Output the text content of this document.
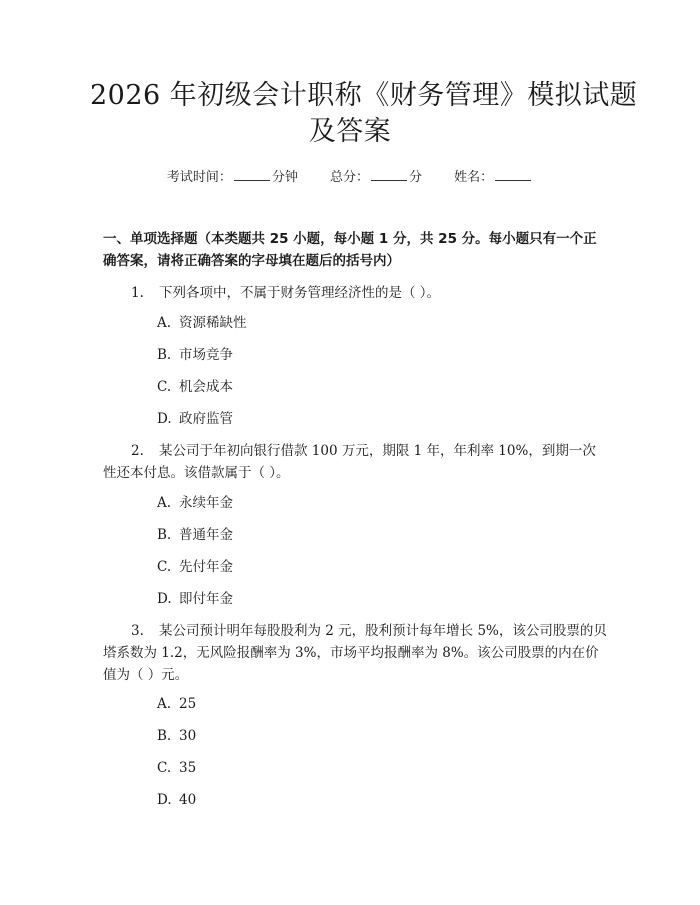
2026 年初级会计职称《财务管理》模拟试题
及答案
考试时间：	分钟 总分：	分 姓名：
一、单项选择题（本类题共 25 小题，每小题 1 分，共 25 分。每小题只有一个正确答案，请将正确答案的字母填在题后的括号内）
1. 下列各项中，不属于财务管理经济性的是（ ）。
A. 资源稀缺性
B. 市场竞争
C. 机会成本
D. 政府监管
2. 某公司于年初向银行借款 100 万元，期限 1 年，年利率 10%，到期一次性还本付息。该借款属于（ ）。
A. 永续年金
B. 普通年金
C. 先付年金
D. 即付年金
3. 某公司预计明年每股股利为 2 元，股利预计每年增长 5%，该公司股票的贝塔系数为 1.2，无风险报酬率为 3%，市场平均报酬率为 8%。该公司股票的内在价值为（ ）元。
A. 25
B. 30
C. 35
D. 40
